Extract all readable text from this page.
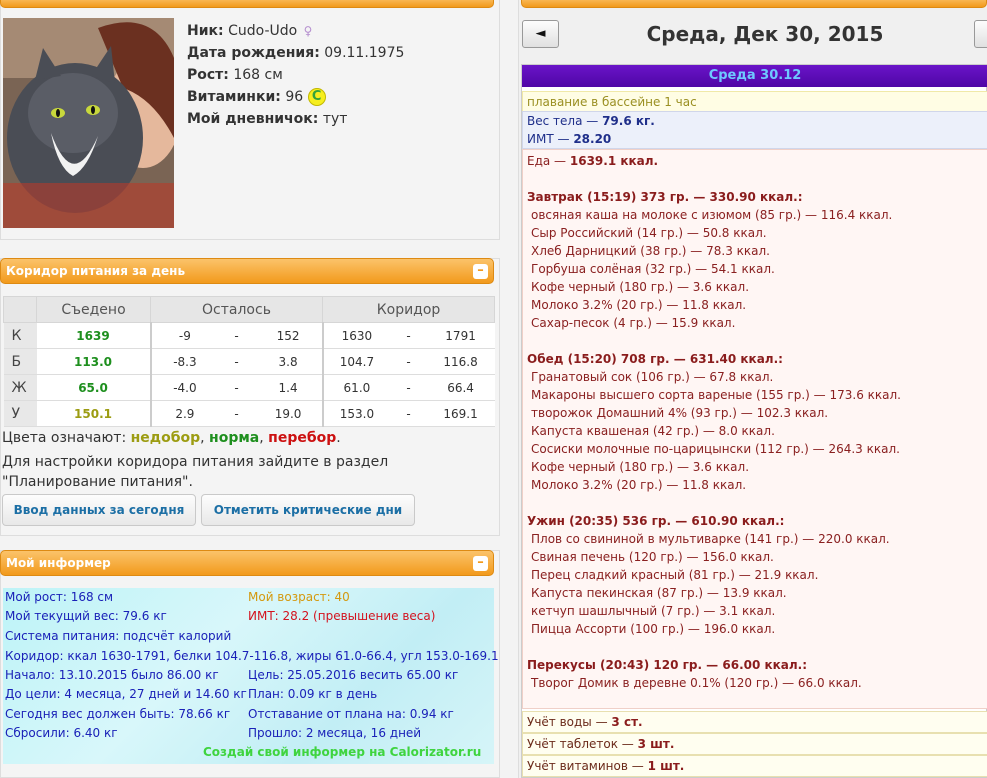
Ник: Cudo-Udo ♀
Дата рождения: 09.11.1975
Рост: 168 см
Витаминки: 96 C
Мой дневничок: тут
Коридор питания за день	–
	Съедено	Осталось			Коридор		
К	1639	-9	-	152	1630	-	1791
Б	113.0	-8.3	-	3.8	104.7	-	116.8
Ж	65.0	-4.0	-	1.4	61.0	-	66.4
У	150.1	2.9	-	19.0	153.0	-	169.1
Цвета означают: недобор, норма, перебор.
Для настройки коридора питания зайдите в раздел "Планирование питания".
Ввод данных за сегодня	Отметить критические дни
Мой информер	–
Мой рост: 168 см	Мой возраст: 40
Мой текущий вес: 79.6 кг	ИМТ: 28.2 (превышение веса)
Система питания: подсчёт калорий
Коридор: ккал 1630-1791, белки 104.7-116.8, жиры 61.0-66.4, угл 153.0-169.1
Начало: 13.10.2015 было 86.00 кг Цель: 25.05.2016 весить 65.00 кг
До цели: 4 месяца, 27 дней и 14.60 кг План: 0.09 кг в день
Сегодня вес должен быть: 78.66 кг Отставание от плана на: 0.94 кг
Сбросили: 6.40 кг	Прошло: 2 месяца, 16 дней
Создай свой информер на Calorizator.ru
◄	Среда, Дек 30, 2015
Среда 30.12
плавание в бассейне 1 час
Вес тела — 79.6 кг.
ИМТ — 28.20
Еда — 1639.1 ккал.
Завтрак (15:19) 373 гр. — 330.90 ккал.:
овсяная каша на молоке с изюмом (85 гр.) — 116.4 ккал.
Сыр Российский (14 гр.) — 50.8 ккал.
Хлеб Дарницкий (38 гр.) — 78.3 ккал.
Горбуша солёная (32 гр.) — 54.1 ккал.
Кофе черный (180 гр.) — 3.6 ккал.
Молоко 3.2% (20 гр.) — 11.8 ккал.
Сахар-песок (4 гр.) — 15.9 ккал.
Обед (15:20) 708 гр. — 631.40 ккал.:
Гранатовый сок (106 гр.) — 67.8 ккал.
Макароны высшего сорта вареные (155 гр.) — 173.6 ккал.
творожок Домашний 4% (93 гр.) — 102.3 ккал.
Капуста квашеная (42 гр.) — 8.0 ккал.
Сосиски молочные по-царицынски (112 гр.) — 264.3 ккал.
Кофе черный (180 гр.) — 3.6 ккал.
Молоко 3.2% (20 гр.) — 11.8 ккал.
Ужин (20:35) 536 гр. — 610.90 ккал.:
Плов со свининой в мультиварке (141 гр.) — 220.0 ккал.
Свиная печень (120 гр.) — 156.0 ккал.
Перец сладкий красный (81 гр.) — 21.9 ккал.
Капуста пекинская (87 гр.) — 13.9 ккал.
кетчуп шашлычный (7 гр.) — 3.1 ккал.
Пицца Ассорти (100 гр.) — 196.0 ккал.
Перекусы (20:43) 120 гр. — 66.00 ккал.:
Творог Домик в деревне 0.1% (120 гр.) — 66.0 ккал.
Учёт воды — 3 ст.
Учёт таблеток — 3 шт.
Учёт витаминов — 1 шт.
